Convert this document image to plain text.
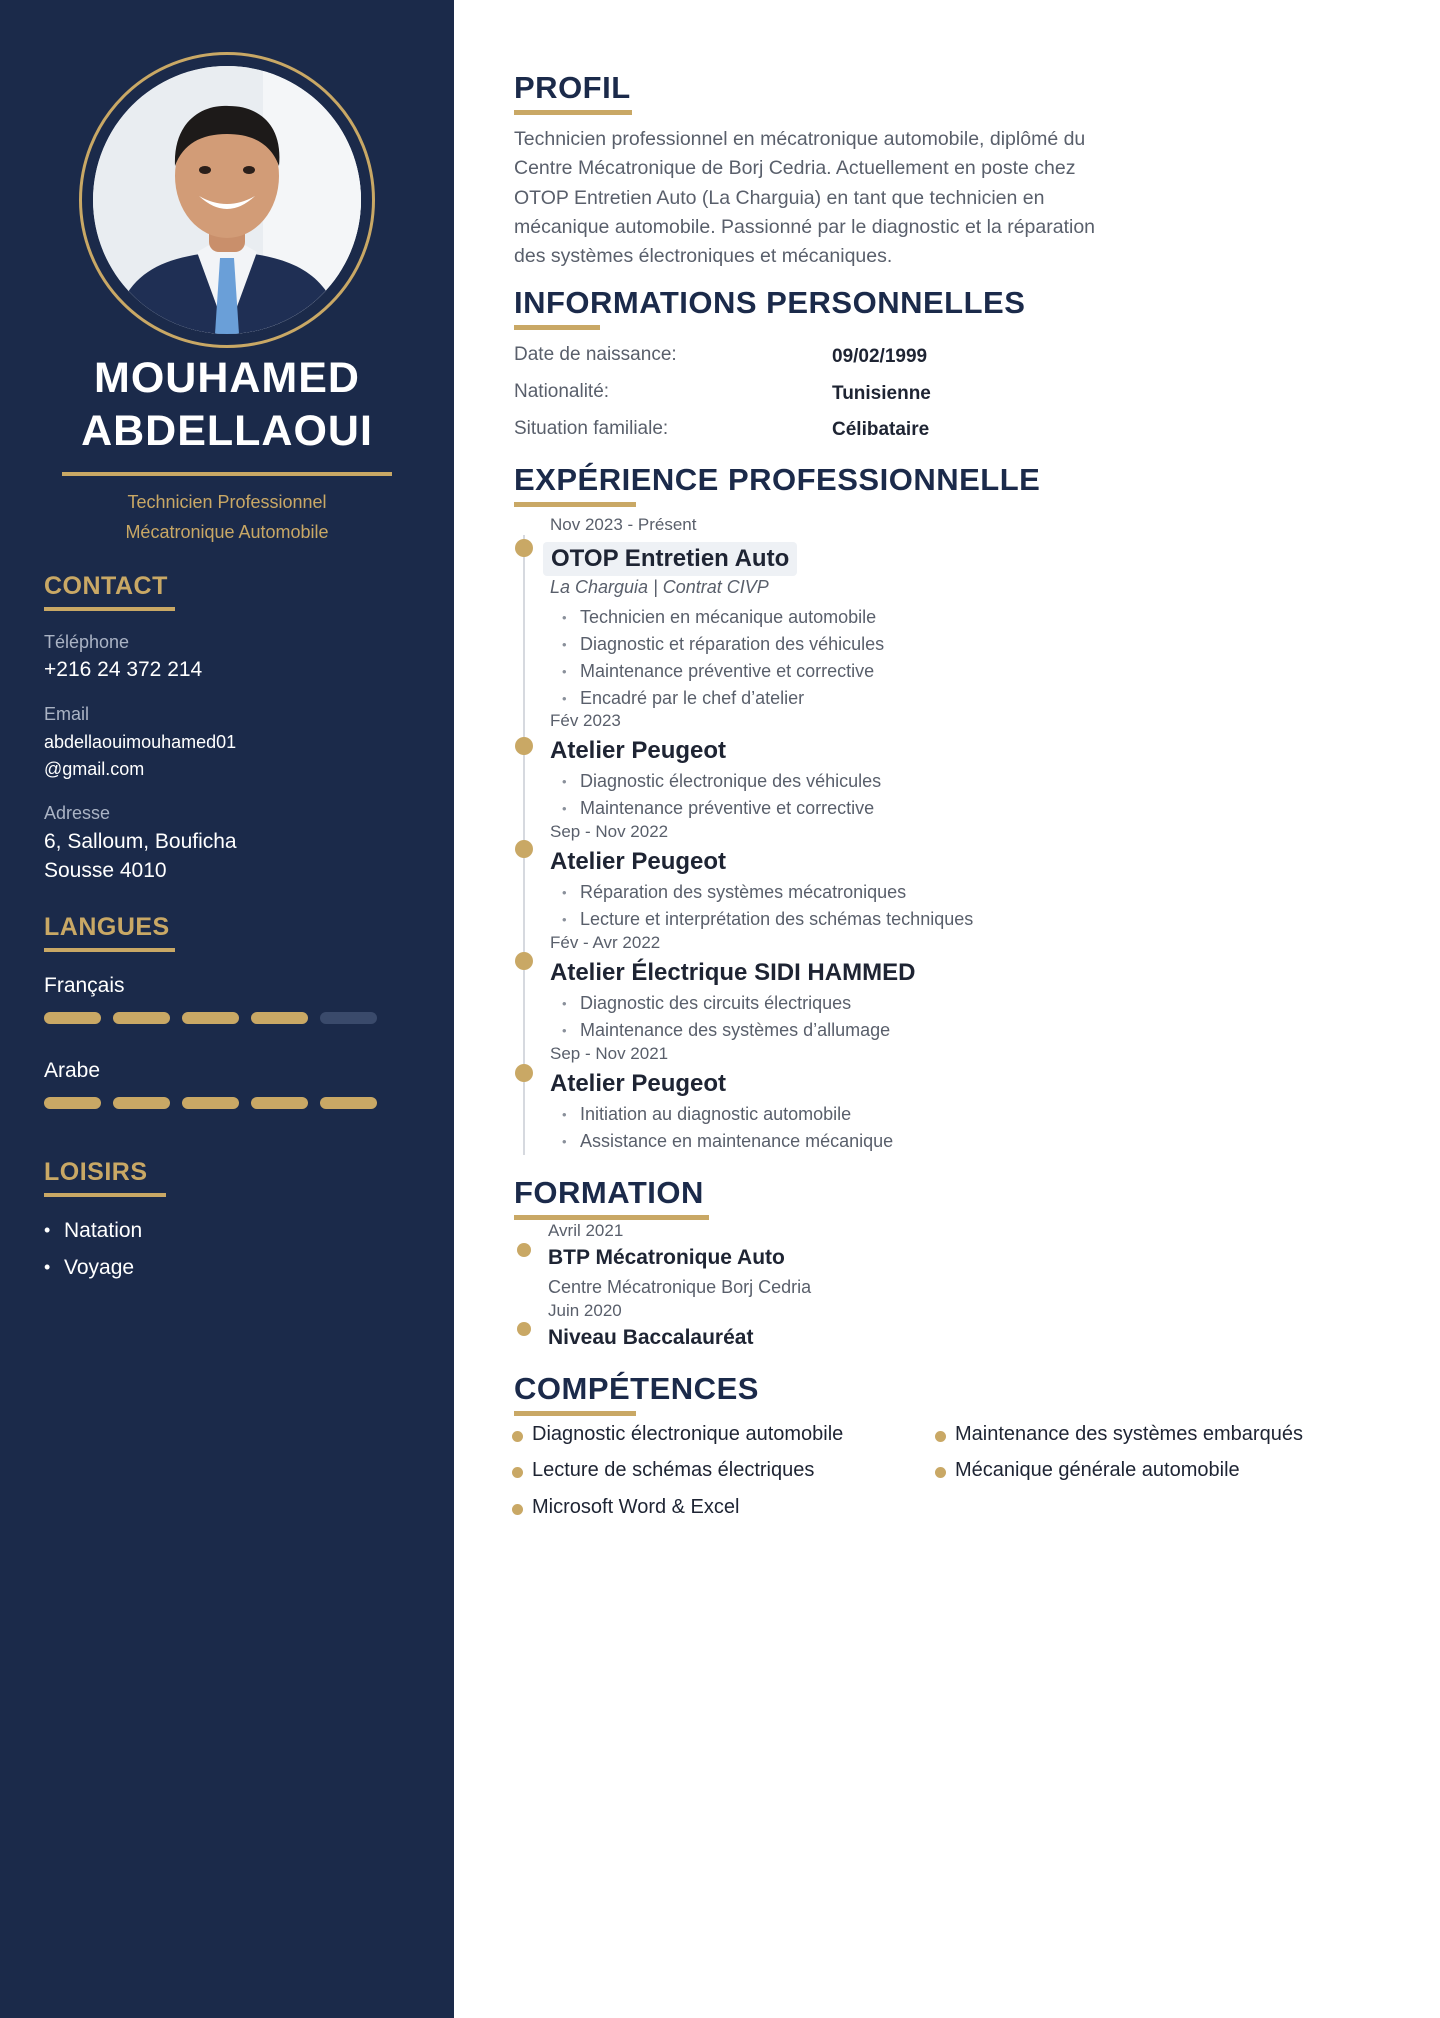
MOUHAMED
ABDELLAOUI
Technicien Professionnel
Mécatronique Automobile
CONTACT
Téléphone
+216 24 372 214
Email
abdellaouimouhamed01
@gmail.com
Adresse
6, Salloum, Bouficha
Sousse 4010
LANGUES
Français
Arabe
LOISIRS
• Natation
• Voyage
PROFIL
Technicien professionnel en mécatronique automobile, diplômé du Centre Mécatronique de Borj Cedria. Actuellement en poste chez OTOP Entretien Auto (La Charguia) en tant que technicien en mécanique automobile. Passionné par le diagnostic et la réparation des systèmes électroniques et mécaniques.
INFORMATIONS PERSONNELLES
Date de naissance:	09/02/1999
Nationalité:	Tunisienne
Situation familiale:	Célibataire
EXPÉRIENCE PROFESSIONNELLE
Nov 2023 - Présent
OTOP Entretien Auto
La Charguia | Contrat CIVP
• Technicien en mécanique automobile
• Diagnostic et réparation des véhicules
• Maintenance préventive et corrective
• Encadré par le chef d’atelier
Fév 2023
Atelier Peugeot
• Diagnostic électronique des véhicules
• Maintenance préventive et corrective
Sep - Nov 2022
Atelier Peugeot
• Réparation des systèmes mécatroniques
• Lecture et interprétation des schémas techniques
Fév - Avr 2022
Atelier Électrique SIDI HAMMED
• Diagnostic des circuits électriques
• Maintenance des systèmes d’allumage
Sep - Nov 2021
Atelier Peugeot
• Initiation au diagnostic automobile
• Assistance en maintenance mécanique
FORMATION
Avril 2021
BTP Mécatronique Auto
Centre Mécatronique Borj Cedria
Juin 2020
Niveau Baccalauréat
COMPÉTENCES
Diagnostic électronique automobile	Maintenance des systèmes embarqués
Lecture de schémas électriques	Mécanique générale automobile
Microsoft Word & Excel
